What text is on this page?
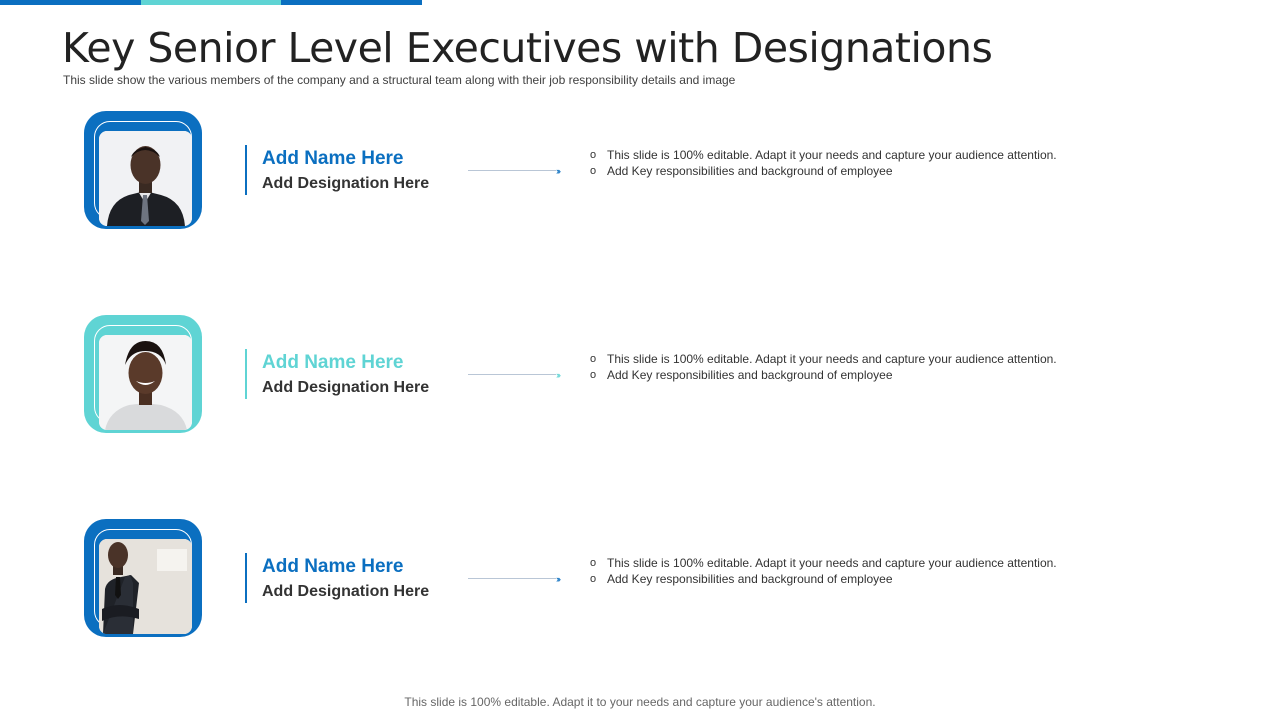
Key Senior Level Executives with Designations
This slide show the various members of the company and a structural team along with their job responsibility details and image
Add Name Here
Add Designation Here
›››
o This slide is 100% editable. Adapt it your needs and capture your audience attention.
o Add Key responsibilities and background of employee
Add Name Here
Add Designation Here
›››
o This slide is 100% editable. Adapt it your needs and capture your audience attention.
o Add Key responsibilities and background of employee
Add Name Here
Add Designation Here
›››
o This slide is 100% editable. Adapt it your needs and capture your audience attention.
o Add Key responsibilities and background of employee
This slide is 100% editable. Adapt it to your needs and capture your audience's attention.
